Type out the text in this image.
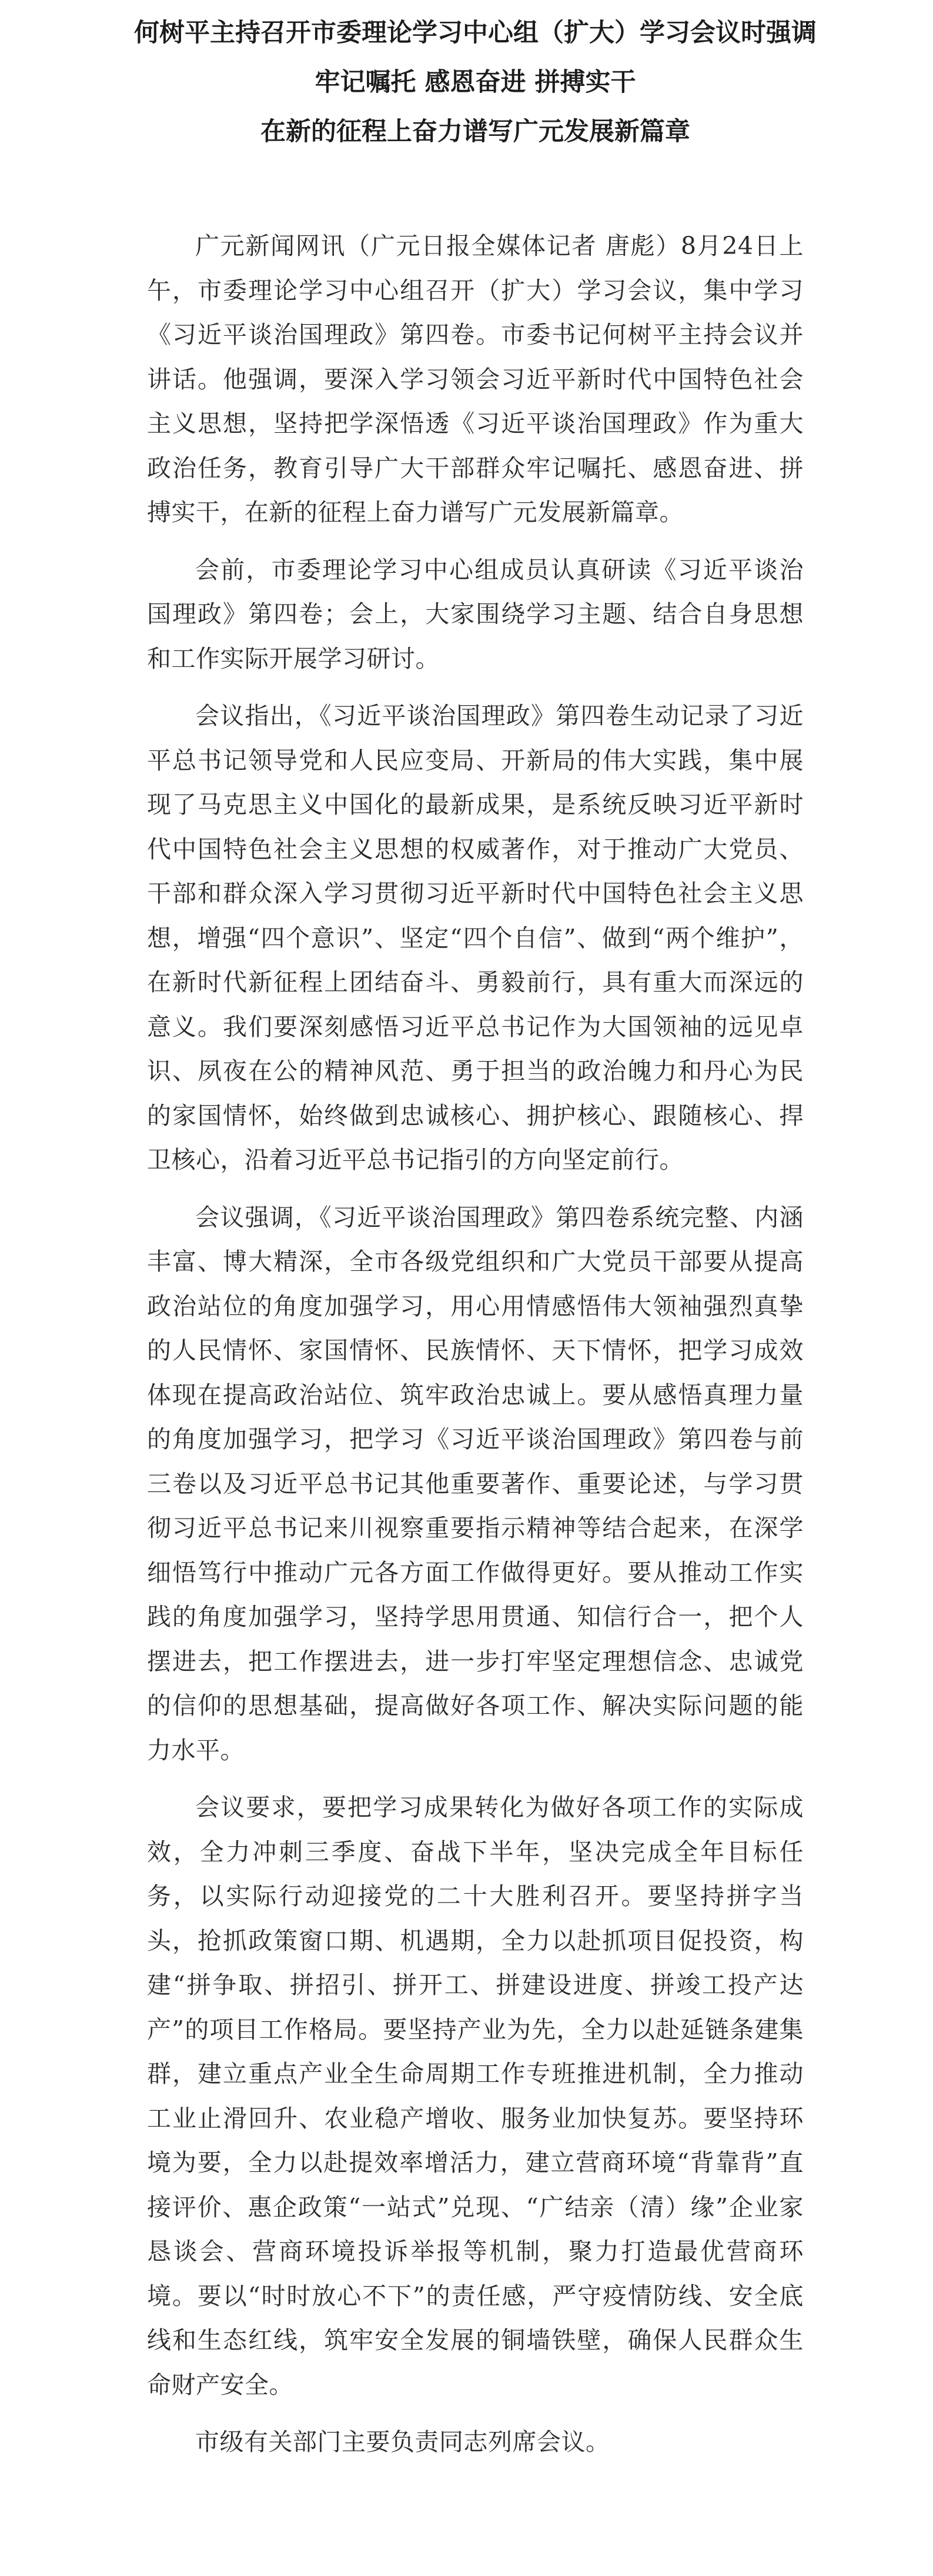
何树平主持召开市委理论学习中心组（扩大）学习会议时强调
牢记嘱托 感恩奋进 拼搏实干
在新的征程上奋力谱写广元发展新篇章

广元新闻网讯（广元日报全媒体记者 唐彪）8月24日上午，市委理论学习中心组召开（扩大）学习会议，集中学习《习近平谈治国理政》第四卷。市委书记何树平主持会议并讲话。他强调，要深入学习领会习近平新时代中国特色社会主义思想，坚持把学深悟透《习近平谈治国理政》作为重大政治任务，教育引导广大干部群众牢记嘱托、感恩奋进、拼搏实干，在新的征程上奋力谱写广元发展新篇章。

会前，市委理论学习中心组成员认真研读《习近平谈治国理政》第四卷；会上，大家围绕学习主题、结合自身思想和工作实际开展学习研讨。

会议指出，《习近平谈治国理政》第四卷生动记录了习近平总书记领导党和人民应变局、开新局的伟大实践，集中展现了马克思主义中国化的最新成果，是系统反映习近平新时代中国特色社会主义思想的权威著作，对于推动广大党员、干部和群众深入学习贯彻习近平新时代中国特色社会主义思想，增强“四个意识”、坚定“四个自信”、做到“两个维护”，在新时代新征程上团结奋斗、勇毅前行，具有重大而深远的意义。我们要深刻感悟习近平总书记作为大国领袖的远见卓识、夙夜在公的精神风范、勇于担当的政治魄力和丹心为民的家国情怀，始终做到忠诚核心、拥护核心、跟随核心、捍卫核心，沿着习近平总书记指引的方向坚定前行。

会议强调，《习近平谈治国理政》第四卷系统完整、内涵丰富、博大精深，全市各级党组织和广大党员干部要从提高政治站位的角度加强学习，用心用情感悟伟大领袖强烈真挚的人民情怀、家国情怀、民族情怀、天下情怀，把学习成效体现在提高政治站位、筑牢政治忠诚上。要从感悟真理力量的角度加强学习，把学习《习近平谈治国理政》第四卷与前三卷以及习近平总书记其他重要著作、重要论述，与学习贯彻习近平总书记来川视察重要指示精神等结合起来，在深学细悟笃行中推动广元各方面工作做得更好。要从推动工作实践的角度加强学习，坚持学思用贯通、知信行合一，把个人摆进去，把工作摆进去，进一步打牢坚定理想信念、忠诚党的信仰的思想基础，提高做好各项工作、解决实际问题的能力水平。

会议要求，要把学习成果转化为做好各项工作的实际成效，全力冲刺三季度、奋战下半年，坚决完成全年目标任务，以实际行动迎接党的二十大胜利召开。要坚持拼字当头，抢抓政策窗口期、机遇期，全力以赴抓项目促投资，构建“拼争取、拼招引、拼开工、拼建设进度、拼竣工投产达产”的项目工作格局。要坚持产业为先，全力以赴延链条建集群，建立重点产业全生命周期工作专班推进机制，全力推动工业止滑回升、农业稳产增收、服务业加快复苏。要坚持环境为要，全力以赴提效率增活力，建立营商环境“背靠背”直接评价、惠企政策“一站式”兑现、“广结亲（清）缘”企业家恳谈会、营商环境投诉举报等机制，聚力打造最优营商环境。要以“时时放心不下”的责任感，严守疫情防线、安全底线和生态红线，筑牢安全发展的铜墙铁壁，确保人民群众生命财产安全。

市级有关部门主要负责同志列席会议。
